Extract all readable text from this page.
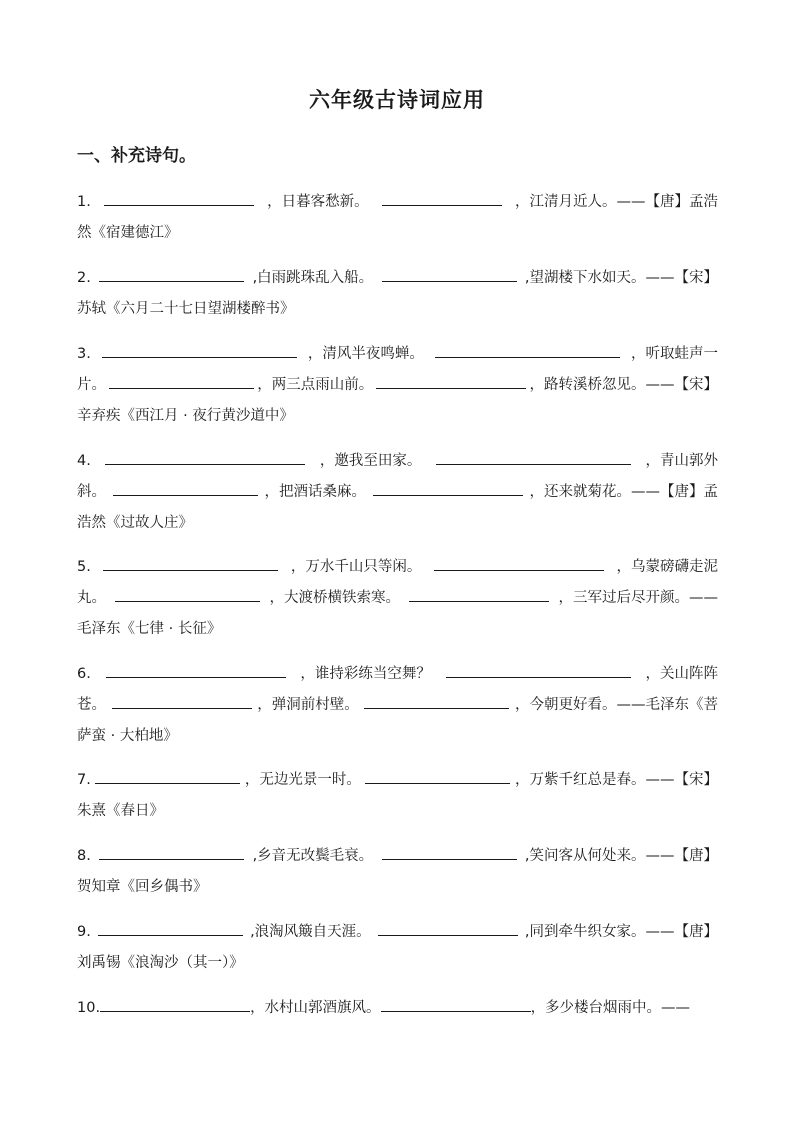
六年级古诗词应用
一、补充诗句。
1.	，日暮客愁新。	，江清月近人。——【唐】孟浩
然《宿建德江》
2.	,白雨跳珠乱入船。	,望湖楼下水如天。——【宋】
苏轼《六月二十七日望湖楼醉书》
3.	，清风半夜鸣蝉。	，听取蛙声一
片。	，两三点雨山前。	，路转溪桥忽见。——【宋】
辛弃疾《西江月 · 夜行黄沙道中》
4.	，邀我至田家。	，青山郭外
斜。	，把酒话桑麻。	，还来就菊花。——【唐】孟
浩然《过故人庄》
5.	，万水千山只等闲。	，乌蒙磅礴走泥
丸。	，大渡桥横铁索寒。	，三军过后尽开颜。——
毛泽东《七律 · 长征》
6.	，谁持彩练当空舞？	，关山阵阵
苍。	，弹洞前村壁。	，今朝更好看。——毛泽东《菩
萨蛮 · 大柏地》
7.	，无边光景一时。	，万紫千红总是春。——【宋】
朱熹《春日》
8.	,乡音无改鬓毛衰。	,笑问客从何处来。——【唐】
贺知章《回乡偶书》
9.	,浪淘风簸自天涯。	,同到牵牛织女家。——【唐】
刘禹锡《浪淘沙（其一）》
10.	，水村山郭酒旗风。	，多少楼台烟雨中。——
